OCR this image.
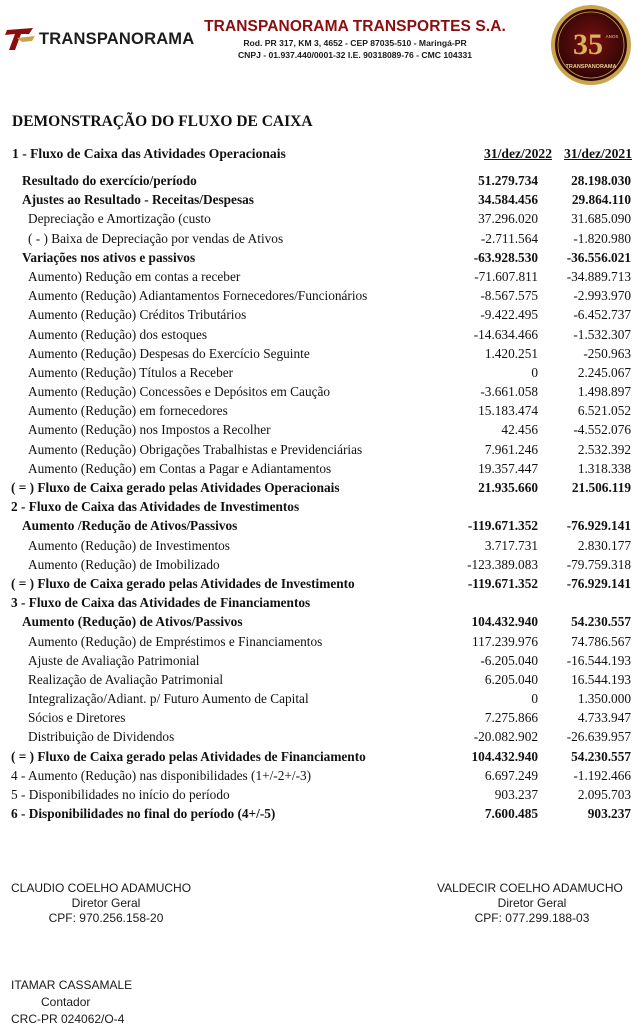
TRANSPANORAMA
TRANSPANORAMA TRANSPORTES S.A.
Rod. PR 317, KM 3, 4652 - CEP 87035-510 - Maringá-PR
CNPJ - 01.937.440/0001-32 I.E. 90318089-76 - CMC 104331	35 ANOS
TRANSPANORAMA
DEMONSTRAÇÃO DO FLUXO DE CAIXA
1 - Fluxo de Caixa das Atividades Operacionais	31/dez/2022 31/dez/2021
Resultado do exercício/período	51.279.734 28.198.030
Ajustes ao Resultado - Receitas/Despesas	34.584.456	29.864.110
Depreciação e Amortização (custo	37.296.020 31.685.090
( - ) Baixa de Depreciação por vendas de Ativos	-2.711.564	-1.820.980
Variações nos ativos e passivos	-63.928.530 -36.556.021
Aumento) Redução em contas a receber	-71.607.811 -34.889.713
Aumento (Redução) Adiantamentos Fornecedores/Funcionários	-8.567.575	-2.993.970
Aumento (Redução) Créditos Tributários	-9.422.495	-6.452.737
Aumento (Redução) dos estoques	-14.634.466	-1.532.307
Aumento (Redução) Despesas do Exercício Seguinte	1.420.251	-250.963
Aumento (Redução) Títulos a Receber	0	2.245.067
Aumento (Redução) Concessões e Depósitos em Caução	-3.661.058	1.498.897
Aumento (Redução) em fornecedores	15.183.474	6.521.052
Aumento (Redução) nos Impostos a Recolher	42.456	-4.552.076
Aumento (Redução) Obrigações Trabalhistas e Previdenciárias	7.961.246	2.532.392
Aumento (Redução) em Contas a Pagar e Adiantamentos	19.357.447	1.318.338
( = ) Fluxo de Caixa gerado pelas Atividades Operacionais	21.935.660	21.506.119
2 - Fluxo de Caixa das Atividades de Investimentos
Aumento /Redução de Ativos/Passivos	-119.671.352 -76.929.141
Aumento (Redução) de Investimentos	3.717.731	2.830.177
Aumento (Redução) de Imobilizado	-123.389.083 -79.759.318
( = ) Fluxo de Caixa gerado pelas Atividades de Investimento	-119.671.352 -76.929.141
3 - Fluxo de Caixa das Atividades de Financiamentos
Aumento (Redução) de Ativos/Passivos	104.432.940 54.230.557
Aumento (Redução) de Empréstimos e Financiamentos	117.239.976 74.786.567
Ajuste de Avaliação Patrimonial	-6.205.040 -16.544.193
Realização de Avaliação Patrimonial	6.205.040 16.544.193
Integralização/Adiant. p/ Futuro Aumento de Capital	0	1.350.000
Sócios e Diretores	7.275.866	4.733.947
Distribuição de Dividendos	-20.082.902 -26.639.957
( = ) Fluxo de Caixa gerado pelas Atividades de Financiamento	104.432.940 54.230.557
4 - Aumento (Redução) nas disponibilidades (1+/-2+/-3)	6.697.249	-1.192.466
5 - Disponibilidades no início do período	903.237	2.095.703
6 - Disponibilidades no final do período (4+/-5)	7.600.485	903.237
CLAUDIO COELHO ADAMUCHO
Diretor Geral
CPF: 970.256.158-20
VALDECIR COELHO ADAMUCHO
Diretor Geral
CPF: 077.299.188-03
ITAMAR CASSAMALE
Contador
CRC-PR 024062/O-4
